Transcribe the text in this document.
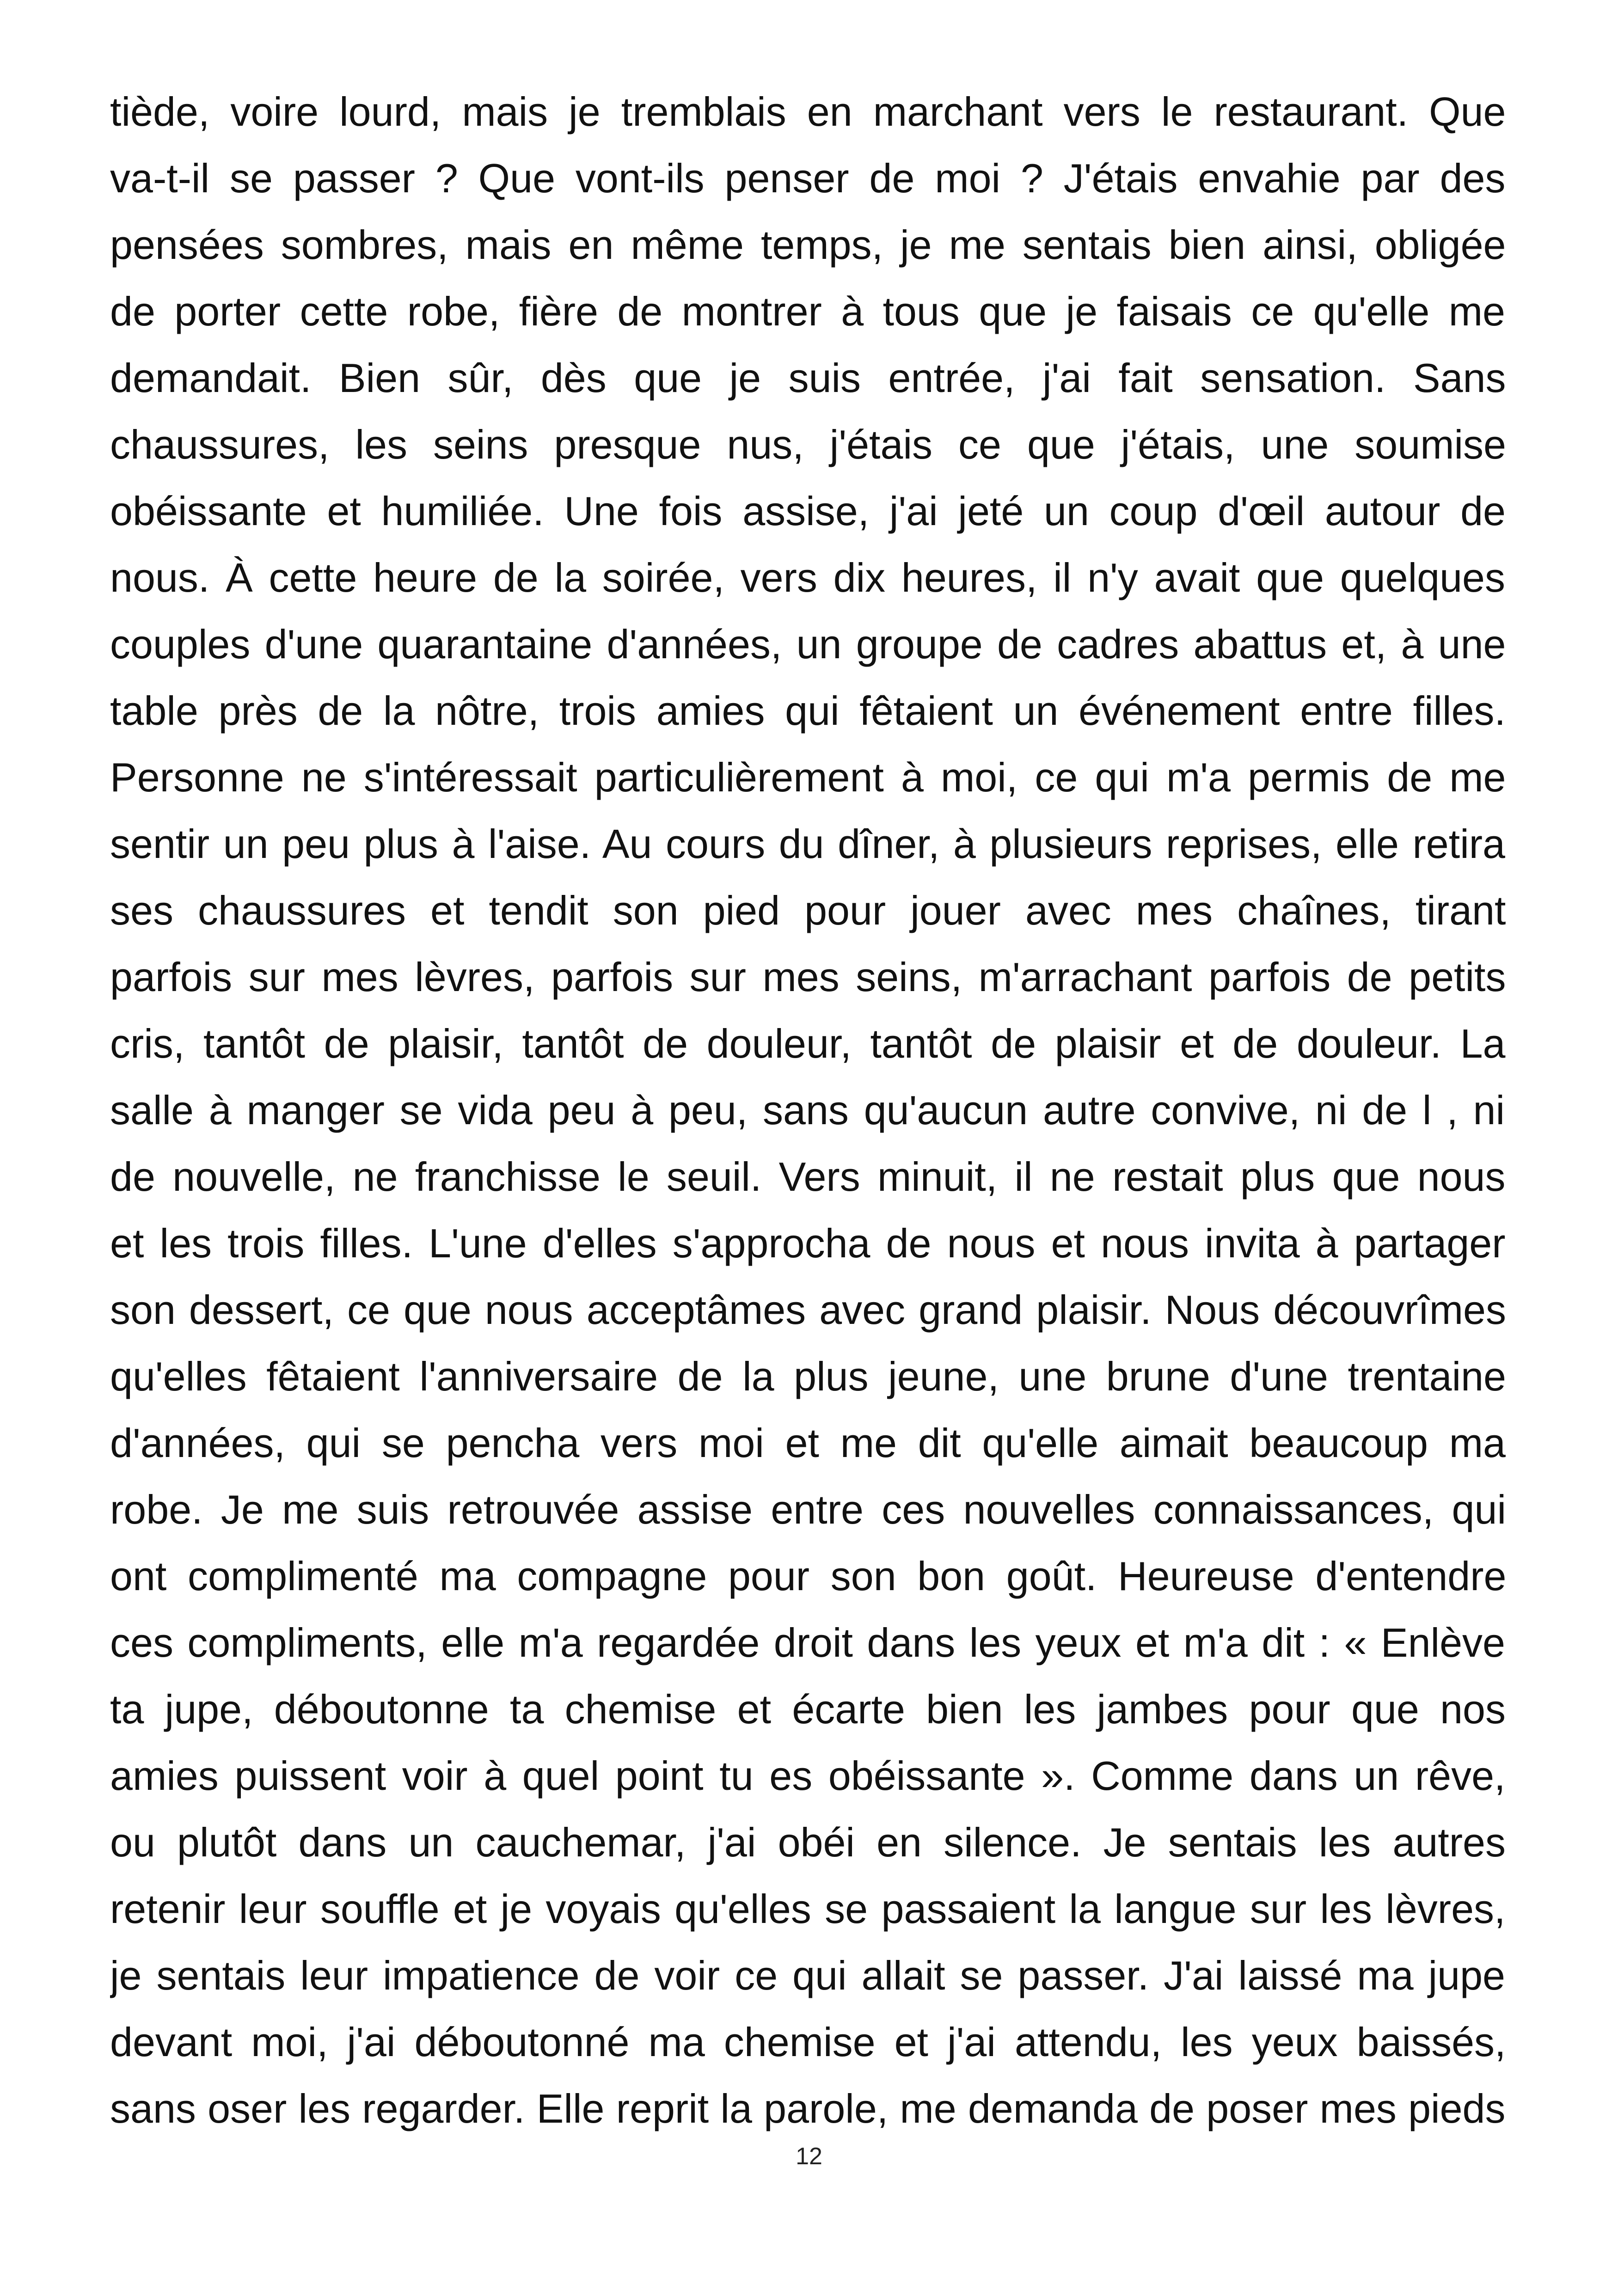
tiède, voire lourd, mais je tremblais en marchant vers le restaurant. Que
va-t-il se passer ? Que vont-ils penser de moi ? J'étais envahie par des
pensées sombres, mais en même temps, je me sentais bien ainsi, obligée
de porter cette robe, fière de montrer à tous que je faisais ce qu'elle me
demandait. Bien sûr, dès que je suis entrée, j'ai fait sensation. Sans
chaussures, les seins presque nus, j'étais ce que j'étais, une soumise
obéissante et humiliée. Une fois assise, j'ai jeté un coup d'œil autour de
nous. À cette heure de la soirée, vers dix heures, il n'y avait que quelques
couples d'une quarantaine d'années, un groupe de cadres abattus et, à une
table près de la nôtre, trois amies qui fêtaient un événement entre filles.
Personne ne s'intéressait particulièrement à moi, ce qui m'a permis de me
sentir un peu plus à l'aise. Au cours du dîner, à plusieurs reprises, elle retira
ses chaussures et tendit son pied pour jouer avec mes chaînes, tirant
parfois sur mes lèvres, parfois sur mes seins, m'arrachant parfois de petits
cris, tantôt de plaisir, tantôt de douleur, tantôt de plaisir et de douleur. La
salle à manger se vida peu à peu, sans qu'aucun autre convive, ni de l , ni
de nouvelle, ne franchisse le seuil. Vers minuit, il ne restait plus que nous
et les trois filles. L'une d'elles s'approcha de nous et nous invita à partager
son dessert, ce que nous acceptâmes avec grand plaisir. Nous découvrîmes
qu'elles fêtaient l'anniversaire de la plus jeune, une brune d'une trentaine
d'années, qui se pencha vers moi et me dit qu'elle aimait beaucoup ma
robe. Je me suis retrouvée assise entre ces nouvelles connaissances, qui
ont complimenté ma compagne pour son bon goût. Heureuse d'entendre
ces compliments, elle m'a regardée droit dans les yeux et m'a dit : « Enlève
ta jupe, déboutonne ta chemise et écarte bien les jambes pour que nos
amies puissent voir à quel point tu es obéissante ». Comme dans un rêve,
ou plutôt dans un cauchemar, j'ai obéi en silence. Je sentais les autres
retenir leur souffle et je voyais qu'elles se passaient la langue sur les lèvres,
je sentais leur impatience de voir ce qui allait se passer. J'ai laissé ma jupe
devant moi, j'ai déboutonné ma chemise et j'ai attendu, les yeux baissés,
sans oser les regarder. Elle reprit la parole, me demanda de poser mes pieds
12
